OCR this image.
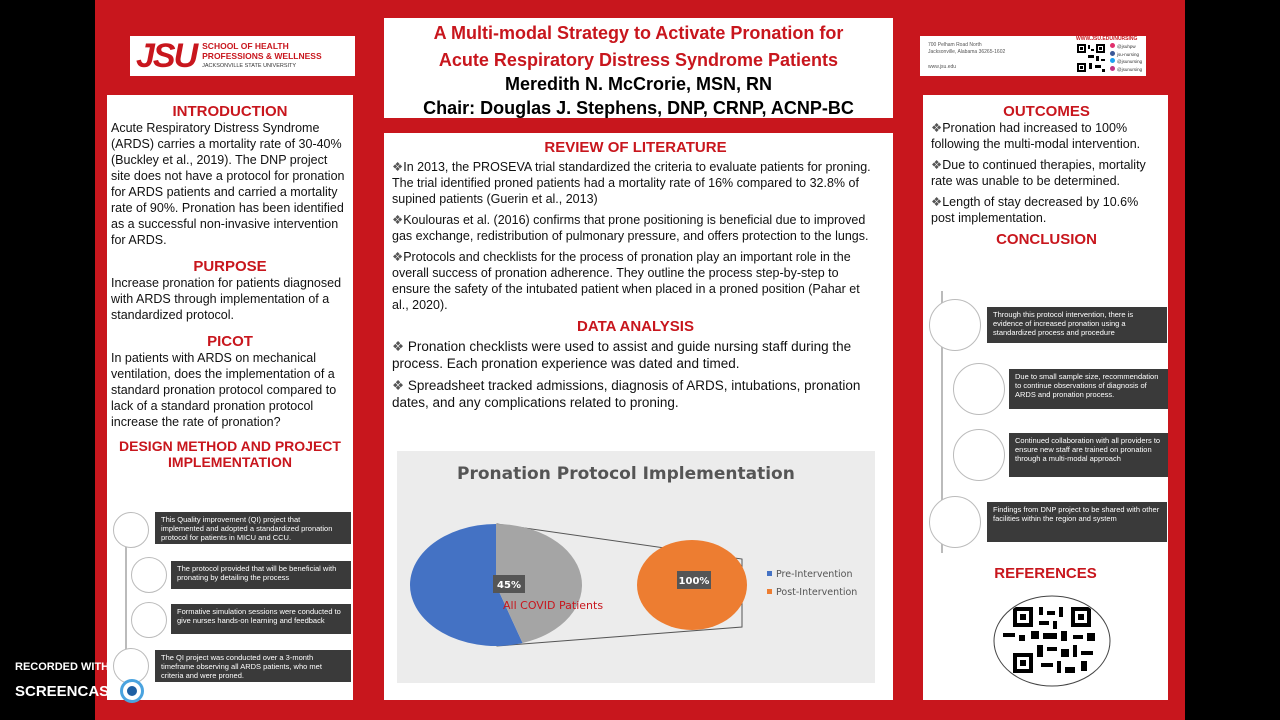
JSU SCHOOL OF HEALTH
PROFESSIONS & WELLNESS
JACKSONVILLE STATE UNIVERSITY
A Multi-modal Strategy to Activate Pronation for
Acute Respiratory Distress Syndrome Patients
Meredith N. McCrorie, MSN, RN
Chair: Douglas J. Stephens, DNP, CRNP, ACNP-BC
700 Pelham Road North
Jacksonville, Alabama 36265-1602
www.jsu.edu
WWW.JSU.EDU/NURSING
@jsuhpw
jsu-nursing
@jsunursing
@jsunursing
INTRODUCTION

Acute Respiratory Distress Syndrome (ARDS) carries a mortality rate of 30-40% (Buckley et al., 2019). The DNP project site does not have a protocol for pronation for ARDS patients and carried a mortality rate of 90%. Pronation has been identified as a successful non-invasive intervention for ARDS.

PURPOSE

Increase pronation for patients diagnosed with ARDS through implementation of a standardized protocol.

PICOT

In patients with ARDS on mechanical ventilation, does the implementation of a standard pronation protocol compared to lack of a standard pronation protocol increase the rate of pronation?

DESIGN METHOD AND PROJECT IMPLEMENTATION
This Quality improvement (QI) project that implemented and adopted a standardized pronation protocol for patients in MICU and CCU.
The protocol provided that will be beneficial with pronating by detailing the process
Formative simulation sessions were conducted to give nurses hands-on learning and feedback
The QI project was conducted over a 3-month timeframe observing all ARDS patients, who met criteria and were proned.
REVIEW OF LITERATURE

❖In 2013, the PROSEVA trial standardized the criteria to evaluate patients for proning. The trial identified proned patients had a mortality rate of 16% compared to 32.8% of supined patients (Guerin et al., 2013)

❖Koulouras et al. (2016) confirms that prone positioning is beneficial due to improved gas exchange, redistribution of pulmonary pressure, and offers protection to the lungs.

❖Protocols and checklists for the process of pronation play an important role in the overall success of pronation adherence. They outline the process step-by-step to ensure the safety of the intubated patient when placed in a proned position (Pahar et al., 2020).

DATA ANALYSIS

❖ Pronation checklists were used to assist and guide nursing staff during the process. Each pronation experience was dated and timed.

❖ Spreadsheet tracked admissions, diagnosis of ARDS, intubations, pronation dates, and any complications related to proning.

Pronation Protocol Implementation
45%
All COVID Patients
100%
Pre-Intervention
Post-Intervention
OUTCOMES

❖Pronation had increased to 100% following the multi-modal intervention.

❖Due to continued therapies, mortality rate was unable to be determined.

❖Length of stay decreased by 10.6% post implementation.

CONCLUSION
Through this protocol intervention, there is evidence of increased pronation using a standardized process and procedure
Due to small sample size, recommendation to continue observations of diagnosis of ARDS and pronation process.
Continued collaboration with all providers to ensure new staff are trained on pronation through a multi-modal approach
Findings from DNP project to be shared with other facilities within the region and system
REFERENCES
RECORDED WITH
SCREENCAST MATIC
